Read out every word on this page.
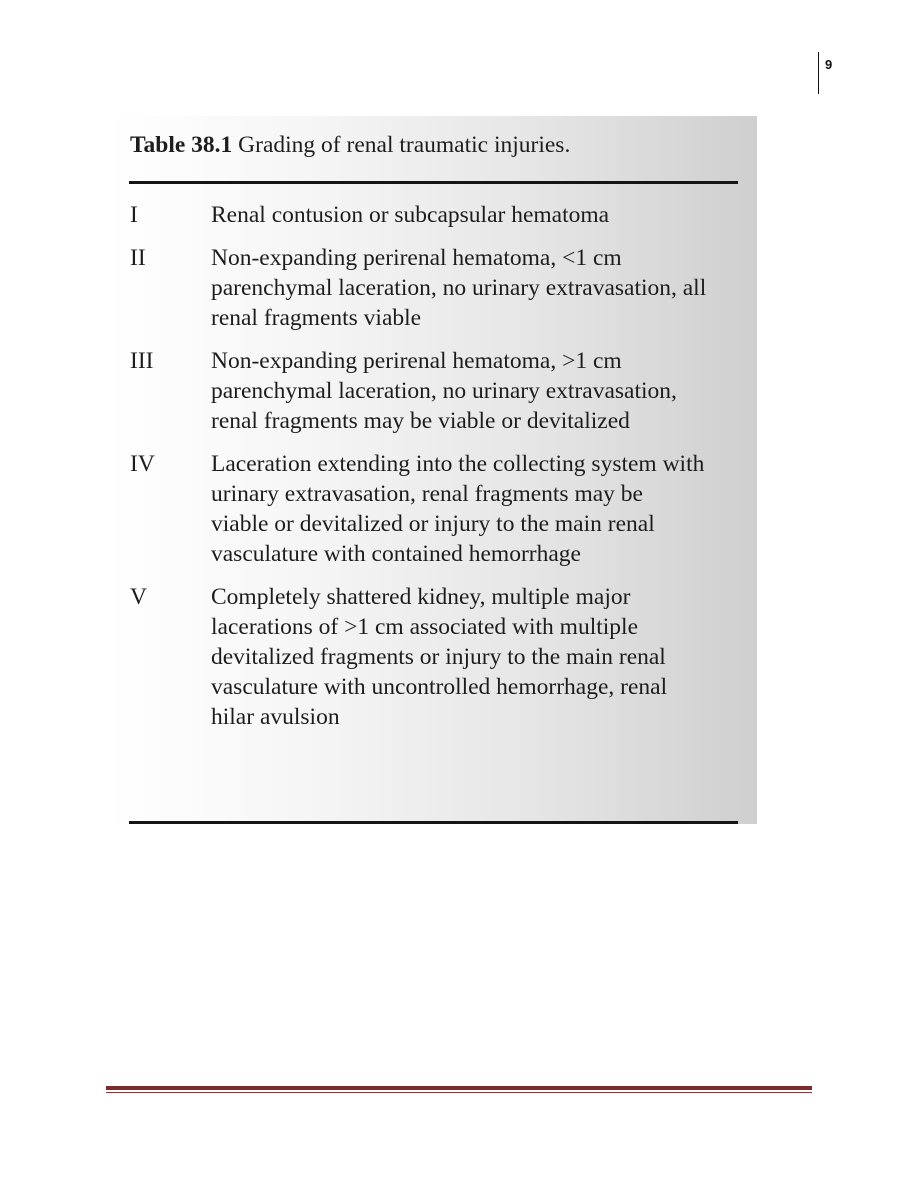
9
Table 38.1 Grading of renal traumatic injuries.
I	Renal contusion or subcapsular hematoma

II	Non-expanding perirenal hematoma, <1 cm
parenchymal laceration, no urinary extravasation, all
renal fragments viable

III	Non-expanding perirenal hematoma, >1 cm
parenchymal laceration, no urinary extravasation,
renal fragments may be viable or devitalized

IV	Laceration extending into the collecting system with
urinary extravasation, renal fragments may be
viable or devitalized or injury to the main renal
vasculature with contained hemorrhage

V	Completely shattered kidney, multiple major
lacerations of >1 cm associated with multiple
devitalized fragments or injury to the main renal
vasculature with uncontrolled hemorrhage, renal
hilar avulsion
